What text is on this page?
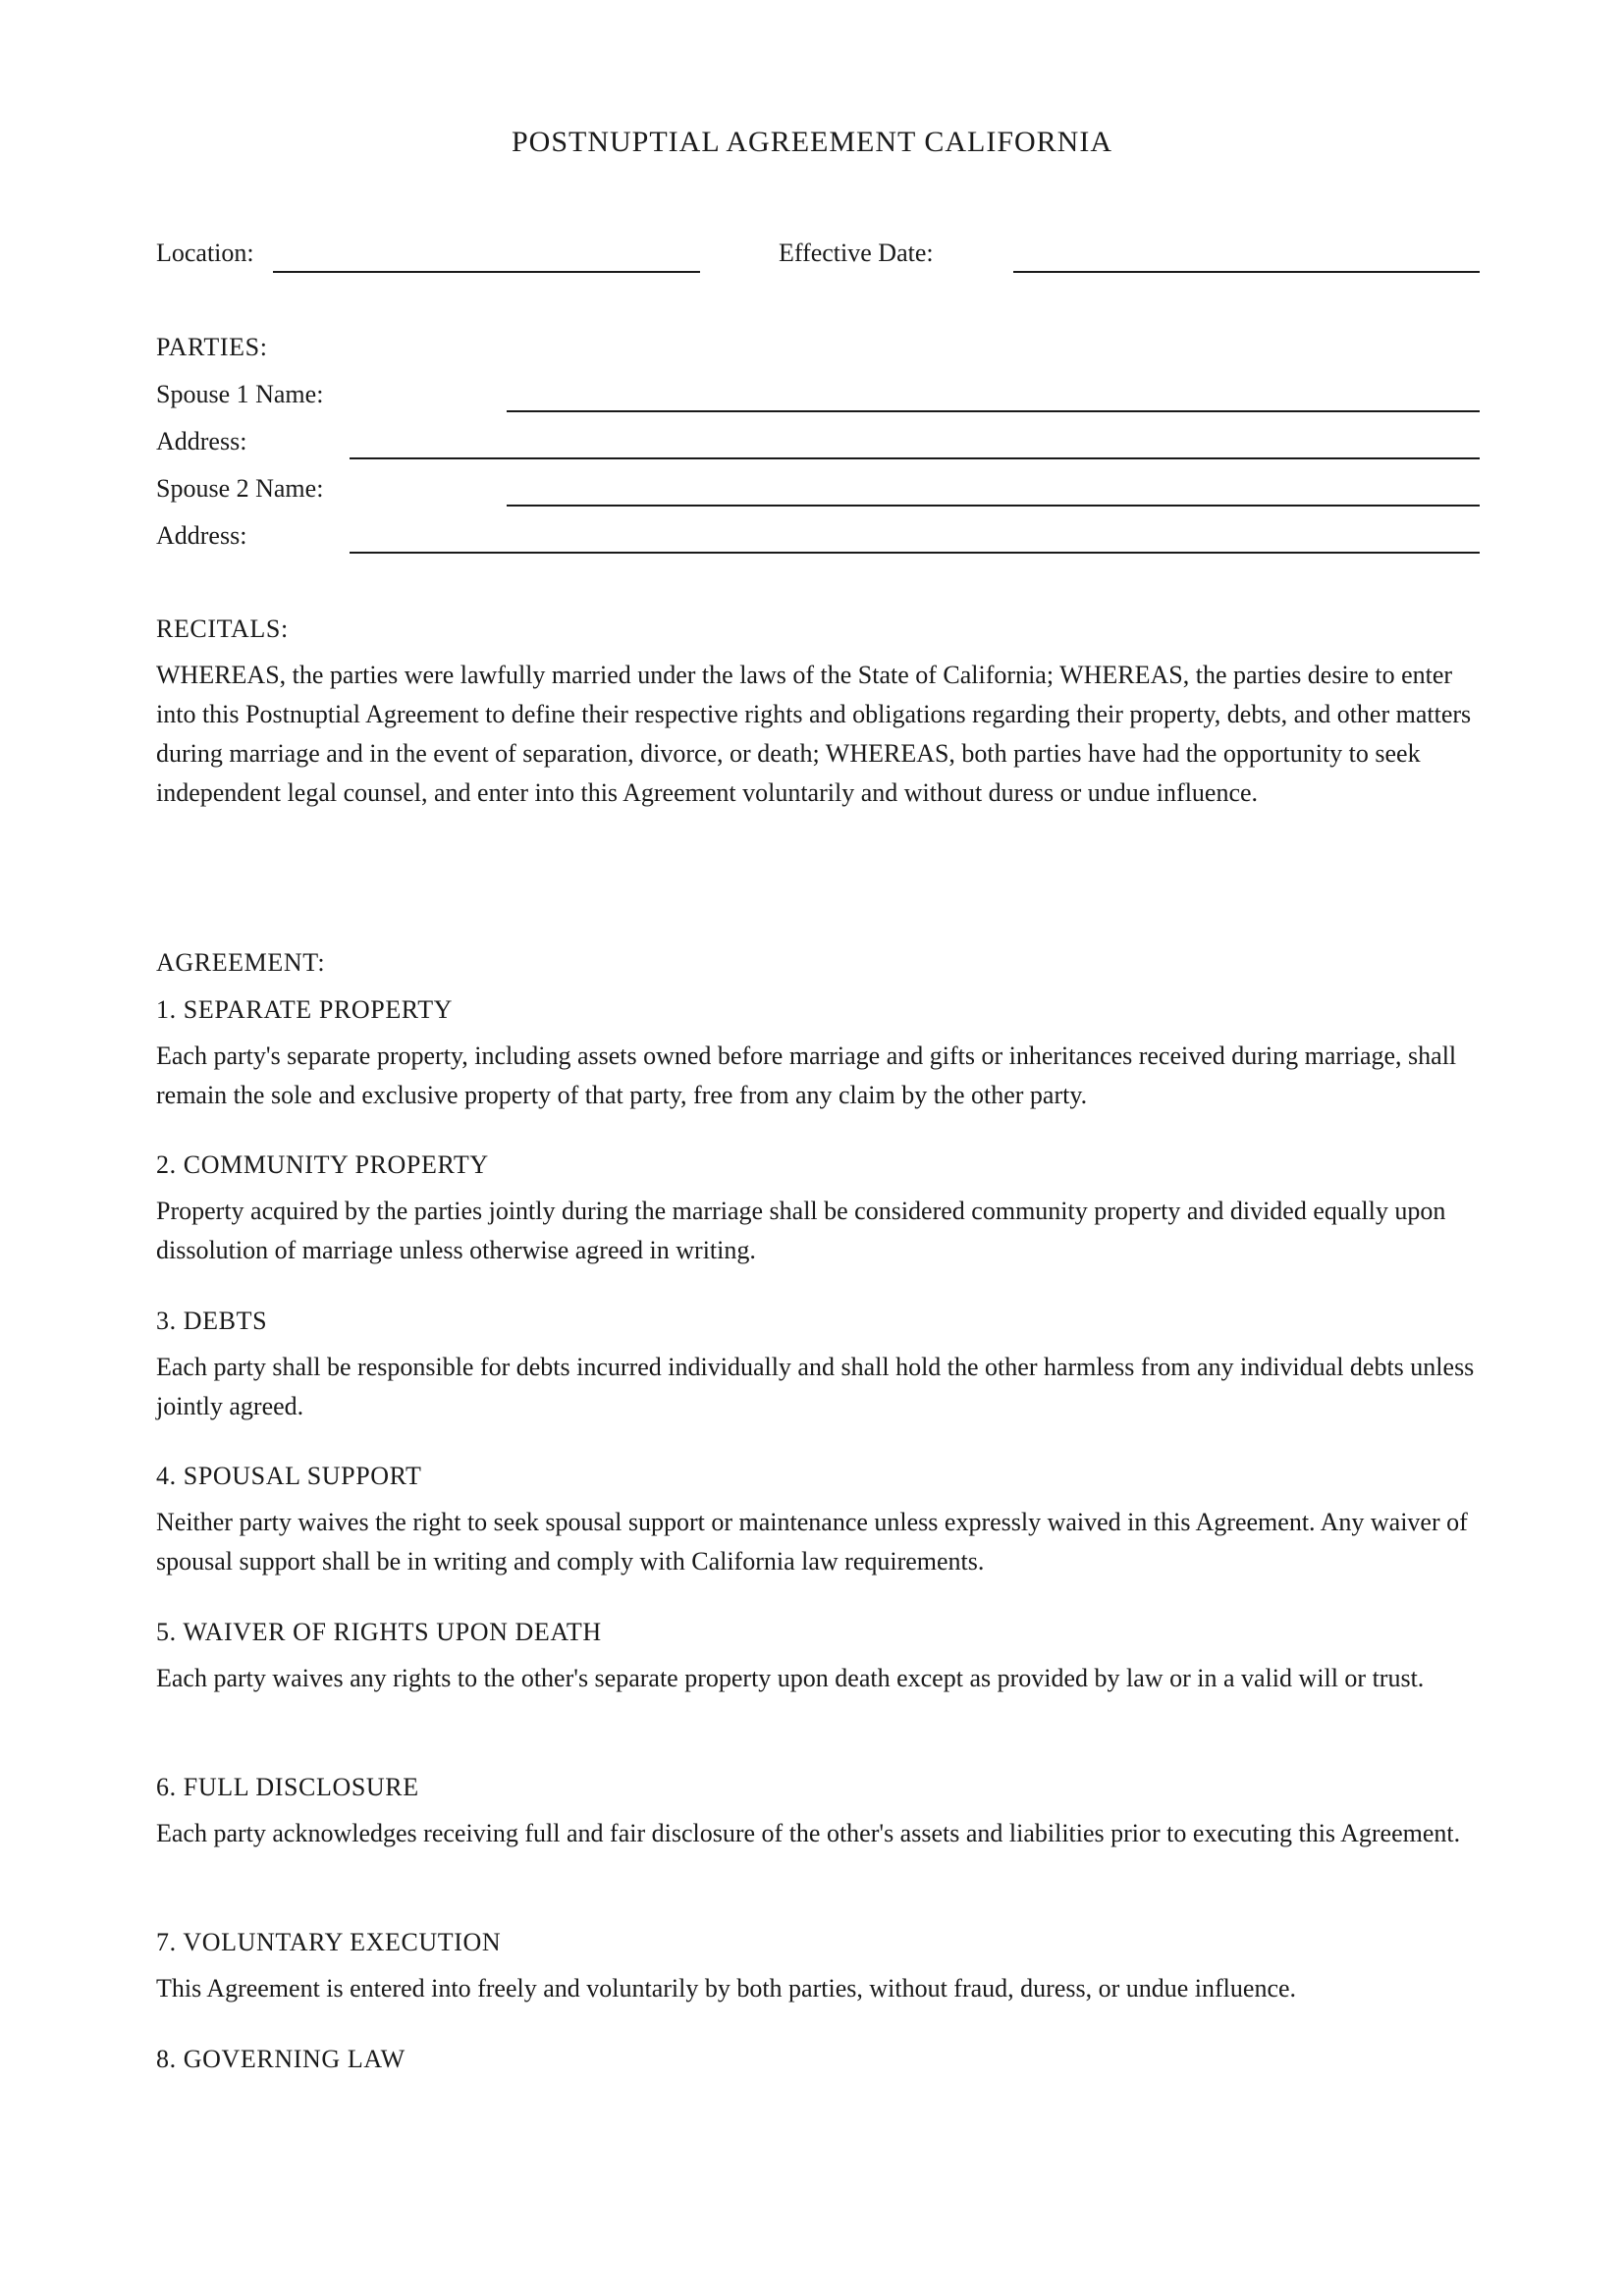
POSTNUPTIAL AGREEMENT CALIFORNIA
Location:	Effective Date:
PARTIES:
Spouse 1 Name:
Address:
Spouse 2 Name:
Address:
RECITALS:

WHEREAS, the parties were lawfully married under the laws of the State of California; WHEREAS, the parties desire to enter into this Postnuptial Agreement to define their respective rights and obligations regarding their property, debts, and other matters during marriage and in the event of separation, divorce, or death; WHEREAS, both parties have had the opportunity to seek independent legal counsel, and enter into this Agreement voluntarily and without duress or undue influence.

AGREEMENT:
1. SEPARATE PROPERTY

Each party's separate property, including assets owned before marriage and gifts or inheritances received during marriage, shall remain the sole and exclusive property of that party, free from any claim by the other party.

2. COMMUNITY PROPERTY

Property acquired by the parties jointly during the marriage shall be considered community property and divided equally upon dissolution of marriage unless otherwise agreed in writing.

3. DEBTS

Each party shall be responsible for debts incurred individually and shall hold the other harmless from any individual debts unless jointly agreed.

4. SPOUSAL SUPPORT

Neither party waives the right to seek spousal support or maintenance unless expressly waived in this Agreement. Any waiver of spousal support shall be in writing and comply with California law requirements.

5. WAIVER OF RIGHTS UPON DEATH

Each party waives any rights to the other's separate property upon death except as provided by law or in a valid will or trust.

6. FULL DISCLOSURE

Each party acknowledges receiving full and fair disclosure of the other's assets and liabilities prior to executing this Agreement.

7. VOLUNTARY EXECUTION

This Agreement is entered into freely and voluntarily by both parties, without fraud, duress, or undue influence.

8. GOVERNING LAW
